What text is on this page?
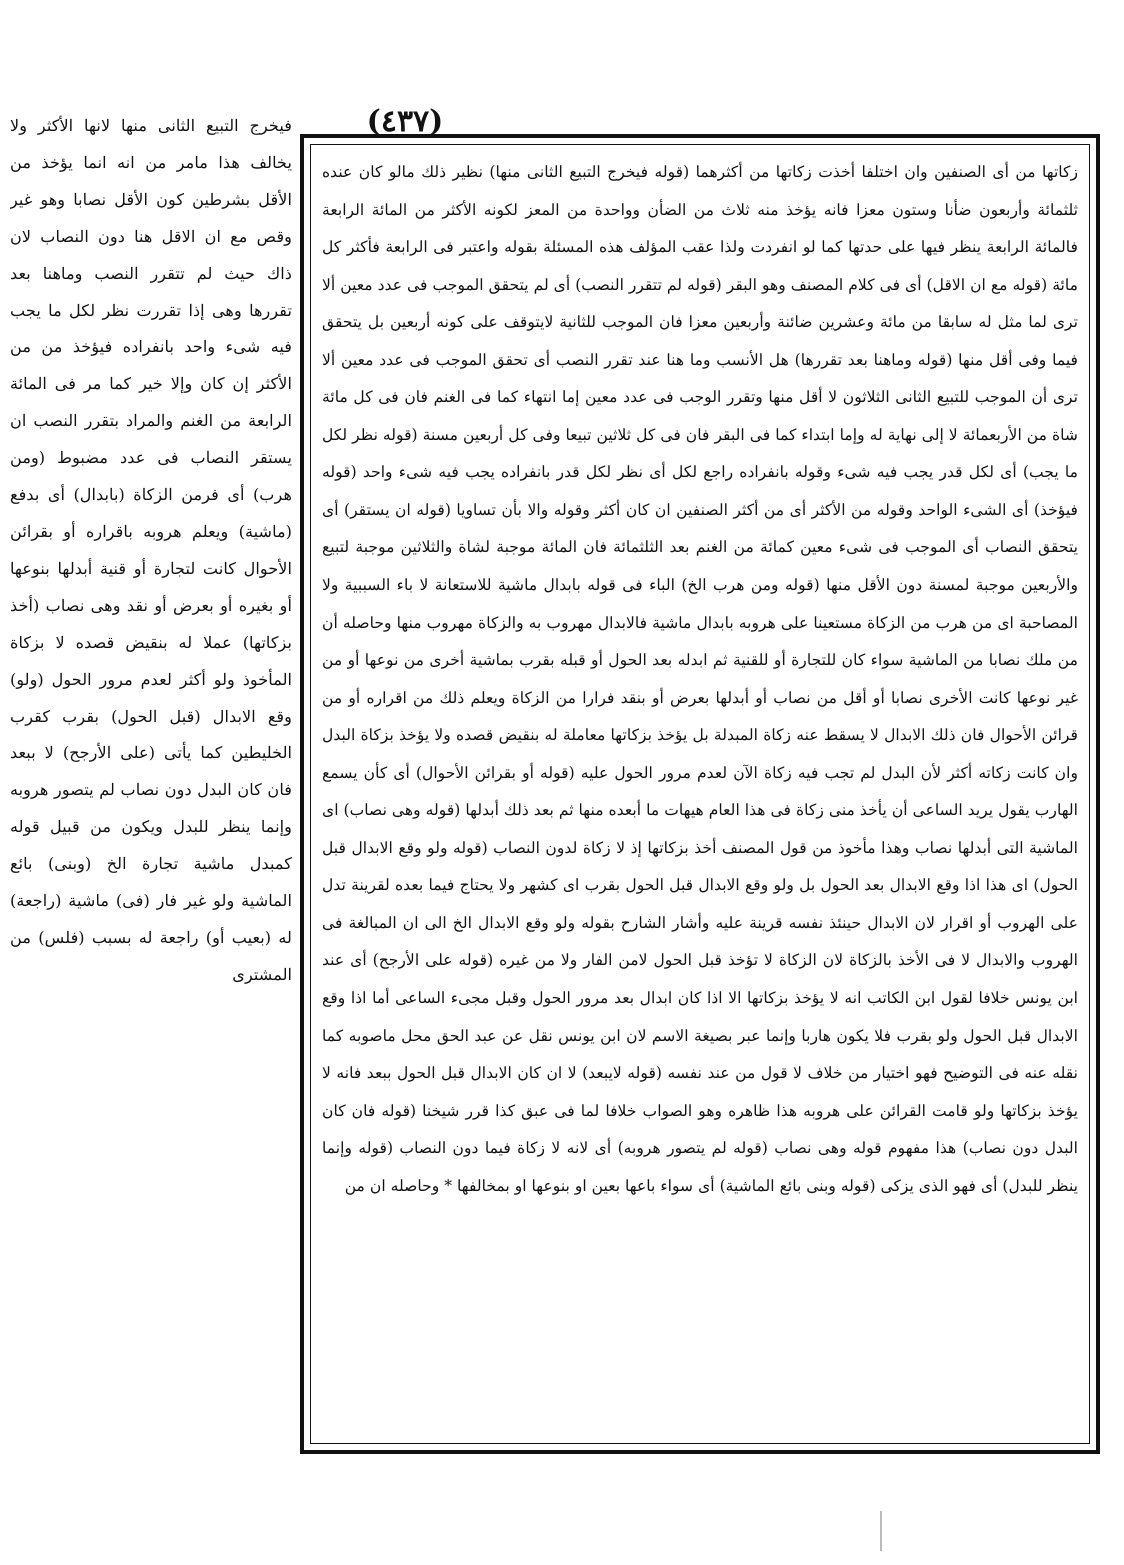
(٤٣٧)

زكاتها من أى الصنفين وان اختلفا أخذت زكاتها من أكثرهما (قوله فيخرج التبيع الثانى منها) نظير ذلك مالو كان عنده ثلثمائة وأربعون ضأنا وستون معزا فانه يؤخذ منه ثلاث من الضأن وواحدة من المعز لكونه الأكثر من المائة الرابعة فالمائة الرابعة ينظر فيها على حدتها كما لو انفردت ولذا عقب المؤلف هذه المسئلة بقوله واعتبر فى الرابعة فأكثر كل مائة (قوله مع ان الاقل) أى فى كلام المصنف وهو البقر (قوله لم تتقرر النصب) أى لم يتحقق الموجب فى عدد معين ألا ترى لما مثل له سابقا من مائة وعشرين ضائنة وأربعين معزا فان الموجب للثانية لايتوقف على كونه أربعين بل يتحقق فيما وفى أقل منها (قوله وماهنا بعد تقررها) هل الأنسب وما هنا عند تقرر النصب أى تحقق الموجب فى عدد معين ألا ترى أن الموجب للتبيع الثانى الثلاثون لا أقل منها وتقرر الوجب فى عدد معين إما انتهاء كما فى الغنم فان فى كل مائة شاة من الأربعمائة لا إلى نهاية له وإما ابتداء كما فى البقر فان فى كل ثلاثين تبيعا وفى كل أربعين مسنة (قوله نظر لكل ما يجب) أى لكل قدر يجب فيه شىء وقوله بانفراده راجع لكل أى نظر لكل قدر بانفراده يجب فيه شىء واحد (قوله فيؤخذ) أى الشىء الواحد وقوله من الأكثر أى من أكثر الصنفين ان كان أكثر وقوله والا بأن تساويا (قوله ان يستقر) أى يتحقق النصاب أى الموجب فى شىء معين كمائة من الغنم بعد الثلثمائة فان المائة موجبة لشاة والثلاثين موجبة لتبيع والأربعين موجبة لمسنة دون الأقل منها (قوله ومن هرب الخ) الباء فى قوله بابدال ماشية للاستعانة لا باء السببية ولا المصاحبة اى من هرب من الزكاة مستعينا على هروبه بابدال ماشية فالابدال مهروب به والزكاة مهروب منها وحاصله أن من ملك نصابا من الماشية سواء كان للتجارة أو للقنية ثم ابدله بعد الحول أو قبله بقرب بماشية أخرى من نوعها أو من غير نوعها كانت الأخرى نصابا أو أقل من نصاب أو أبدلها بعرض أو بنقد فرارا من الزكاة ويعلم ذلك من اقراره أو من قرائن الأحوال فان ذلك الابدال لا يسقط عنه زكاة المبدلة بل يؤخذ بزكاتها معاملة له بنقيض قصده ولا يؤخذ بزكاة البدل وان كانت زكاته أكثر لأن البدل لم تجب فيه زكاة الآن لعدم مرور الحول عليه (قوله أو بقرائن الأحوال) أى كأن يسمع الهارب يقول يريد الساعى أن يأخذ منى زكاة فى هذا العام هيهات ما أبعده منها ثم بعد ذلك أبدلها (قوله وهى نصاب) اى الماشية التى أبدلها نصاب وهذا مأخوذ من قول المصنف أخذ بزكاتها إذ لا زكاة لدون النصاب (قوله ولو وقع الابدال قبل الحول) اى هذا اذا وقع الابدال بعد الحول بل ولو وقع الابدال قبل الحول بقرب اى كشهر ولا يحتاج فيما بعده لقرينة تدل على الهروب أو اقرار لان الابدال حينئذ نفسه قرينة عليه وأشار الشارح بقوله ولو وقع الابدال الخ الى ان المبالغة فى الهروب والابدال لا فى الأخذ بالزكاة لان الزكاة لا تؤخذ قبل الحول لامن الفار ولا من غيره (قوله على الأرجح) أى عند ابن يونس خلافا لقول ابن الكاتب انه لا يؤخذ بزكاتها الا اذا كان ابدال بعد مرور الحول وقبل مجىء الساعى أما اذا وقع الابدال قبل الحول ولو بقرب فلا يكون هاربا وإنما عبر بصيغة الاسم لان ابن يونس نقل عن عبد الحق محل ماصوبه كما نقله عنه فى التوضيح فهو اختيار من خلاف لا قول من عند نفسه (قوله لايبعد) لا ان كان الابدال قبل الحول ببعد فانه لا يؤخذ بزكاتها ولو قامت القرائن على هروبه هذا ظاهره وهو الصواب خلافا لما فى عبق كذا قرر شيخنا (قوله فان كان البدل دون نصاب) هذا مفهوم قوله وهى نصاب (قوله لم يتصور هروبه) أى لانه لا زكاة فيما دون النصاب (قوله وإنما ينظر للبدل) أى فهو الذى يزكى (قوله وبنى بائع الماشية) أى سواء باعها بعين او بنوعها او بمخالفها * وحاصله ان من

فيخرج التبيع الثانى منها لانها الأكثر ولا يخالف هذا مامر من انه انما يؤخذ من الأقل بشرطين كون الأقل نصابا وهو غير وقص مع ان الاقل هنا دون النصاب لان ذاك حيث لم تتقرر النصب وماهنا بعد تقررها وهى إذا تقررت نظر لكل ما يجب فيه شىء واحد بانفراده فيؤخذ من من الأكثر إن كان وإلا خير كما مر فى المائة الرابعة من الغنم والمراد بتقرر النصب ان يستقر النصاب فى عدد مضبوط (ومن هرب) أى فرمن الزكاة (بابدال) أى بدفع (ماشية) ويعلم هروبه باقراره أو بقرائن الأحوال كانت لتجارة أو قنية أبدلها بنوعها أو بغيره أو بعرض أو نقد وهى نصاب (أخذ بزكاتها) عملا له بنقيض قصده لا بزكاة المأخوذ ولو أكثر لعدم مرور الحول (ولو) وقع الابدال (قبل الحول) بقرب كقرب الخليطين كما يأتى (على الأرجح) لا ببعد فان كان البدل دون نصاب لم يتصور هروبه وإنما ينظر للبدل ويكون من قبيل قوله كمبدل ماشية تجارة الخ (وبنى) بائع الماشية ولو غير فار (فى) ماشية (راجعة) له (بعيب أو) راجعة له بسبب (فلس) من المشترى
